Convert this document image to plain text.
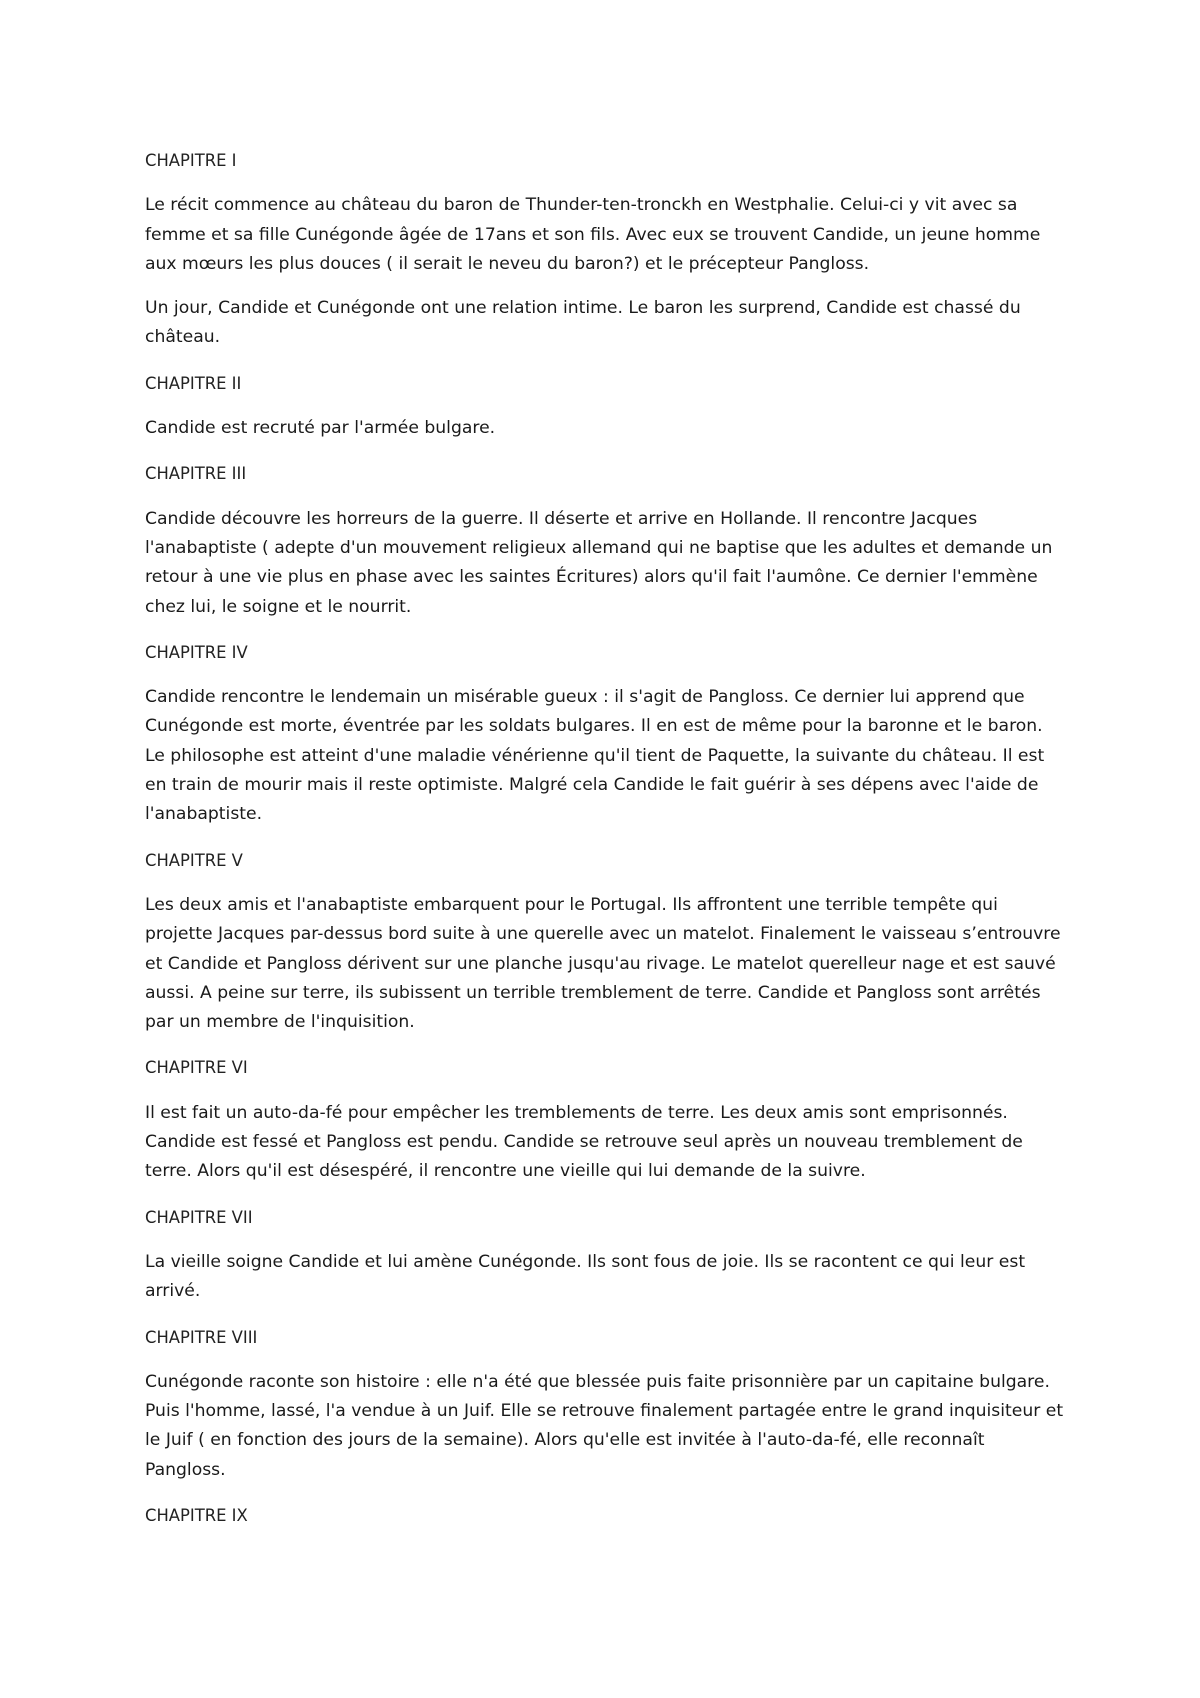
CHAPITRE I

Le récit commence au château du baron de Thunder-ten-tronckh en Westphalie. Celui-ci y vit avec sa femme et sa fille Cunégonde âgée de 17ans et son fils. Avec eux se trouvent Candide, un jeune homme aux mœurs les plus douces ( il serait le neveu du baron?) et le précepteur Pangloss.

Un jour, Candide et Cunégonde ont une relation intime. Le baron les surprend, Candide est chassé du château.

CHAPITRE II

Candide est recruté par l'armée bulgare.

CHAPITRE III

Candide découvre les horreurs de la guerre. Il déserte et arrive en Hollande. Il rencontre Jacques l'anabaptiste ( adepte d'un mouvement religieux allemand qui ne baptise que les adultes et demande un retour à une vie plus en phase avec les saintes Écritures) alors qu'il fait l'aumône. Ce dernier l'emmène chez lui, le soigne et le nourrit.

CHAPITRE IV

Candide rencontre le lendemain un misérable gueux : il s'agit de Pangloss. Ce dernier lui apprend que Cunégonde est morte, éventrée par les soldats bulgares. Il en est de même pour la baronne et le baron. Le philosophe est atteint d'une maladie vénérienne qu'il tient de Paquette, la suivante du château. Il est en train de mourir mais il reste optimiste. Malgré cela Candide le fait guérir à ses dépens avec l'aide de l'anabaptiste.

CHAPITRE V

Les deux amis et l'anabaptiste embarquent pour le Portugal. Ils affrontent une terrible tempête qui projette Jacques par-dessus bord suite à une querelle avec un matelot. Finalement le vaisseau s’entrouvre et Candide et Pangloss dérivent sur une planche jusqu'au rivage. Le matelot querelleur nage et est sauvé aussi. A peine sur terre, ils subissent un terrible tremblement de terre. Candide et Pangloss sont arrêtés par un membre de l'inquisition.

CHAPITRE VI

Il est fait un auto-da-fé pour empêcher les tremblements de terre. Les deux amis sont emprisonnés. Candide est fessé et Pangloss est pendu. Candide se retrouve seul après un nouveau tremblement de terre. Alors qu'il est désespéré, il rencontre une vieille qui lui demande de la suivre.

CHAPITRE VII

La vieille soigne Candide et lui amène Cunégonde. Ils sont fous de joie. Ils se racontent ce qui leur est arrivé.

CHAPITRE VIII

Cunégonde raconte son histoire : elle n'a été que blessée puis faite prisonnière par un capitaine bulgare. Puis l'homme, lassé, l'a vendue à un Juif. Elle se retrouve finalement partagée entre le grand inquisiteur et le Juif ( en fonction des jours de la semaine). Alors qu'elle est invitée à l'auto-da-fé, elle reconnaît Pangloss.

CHAPITRE IX
